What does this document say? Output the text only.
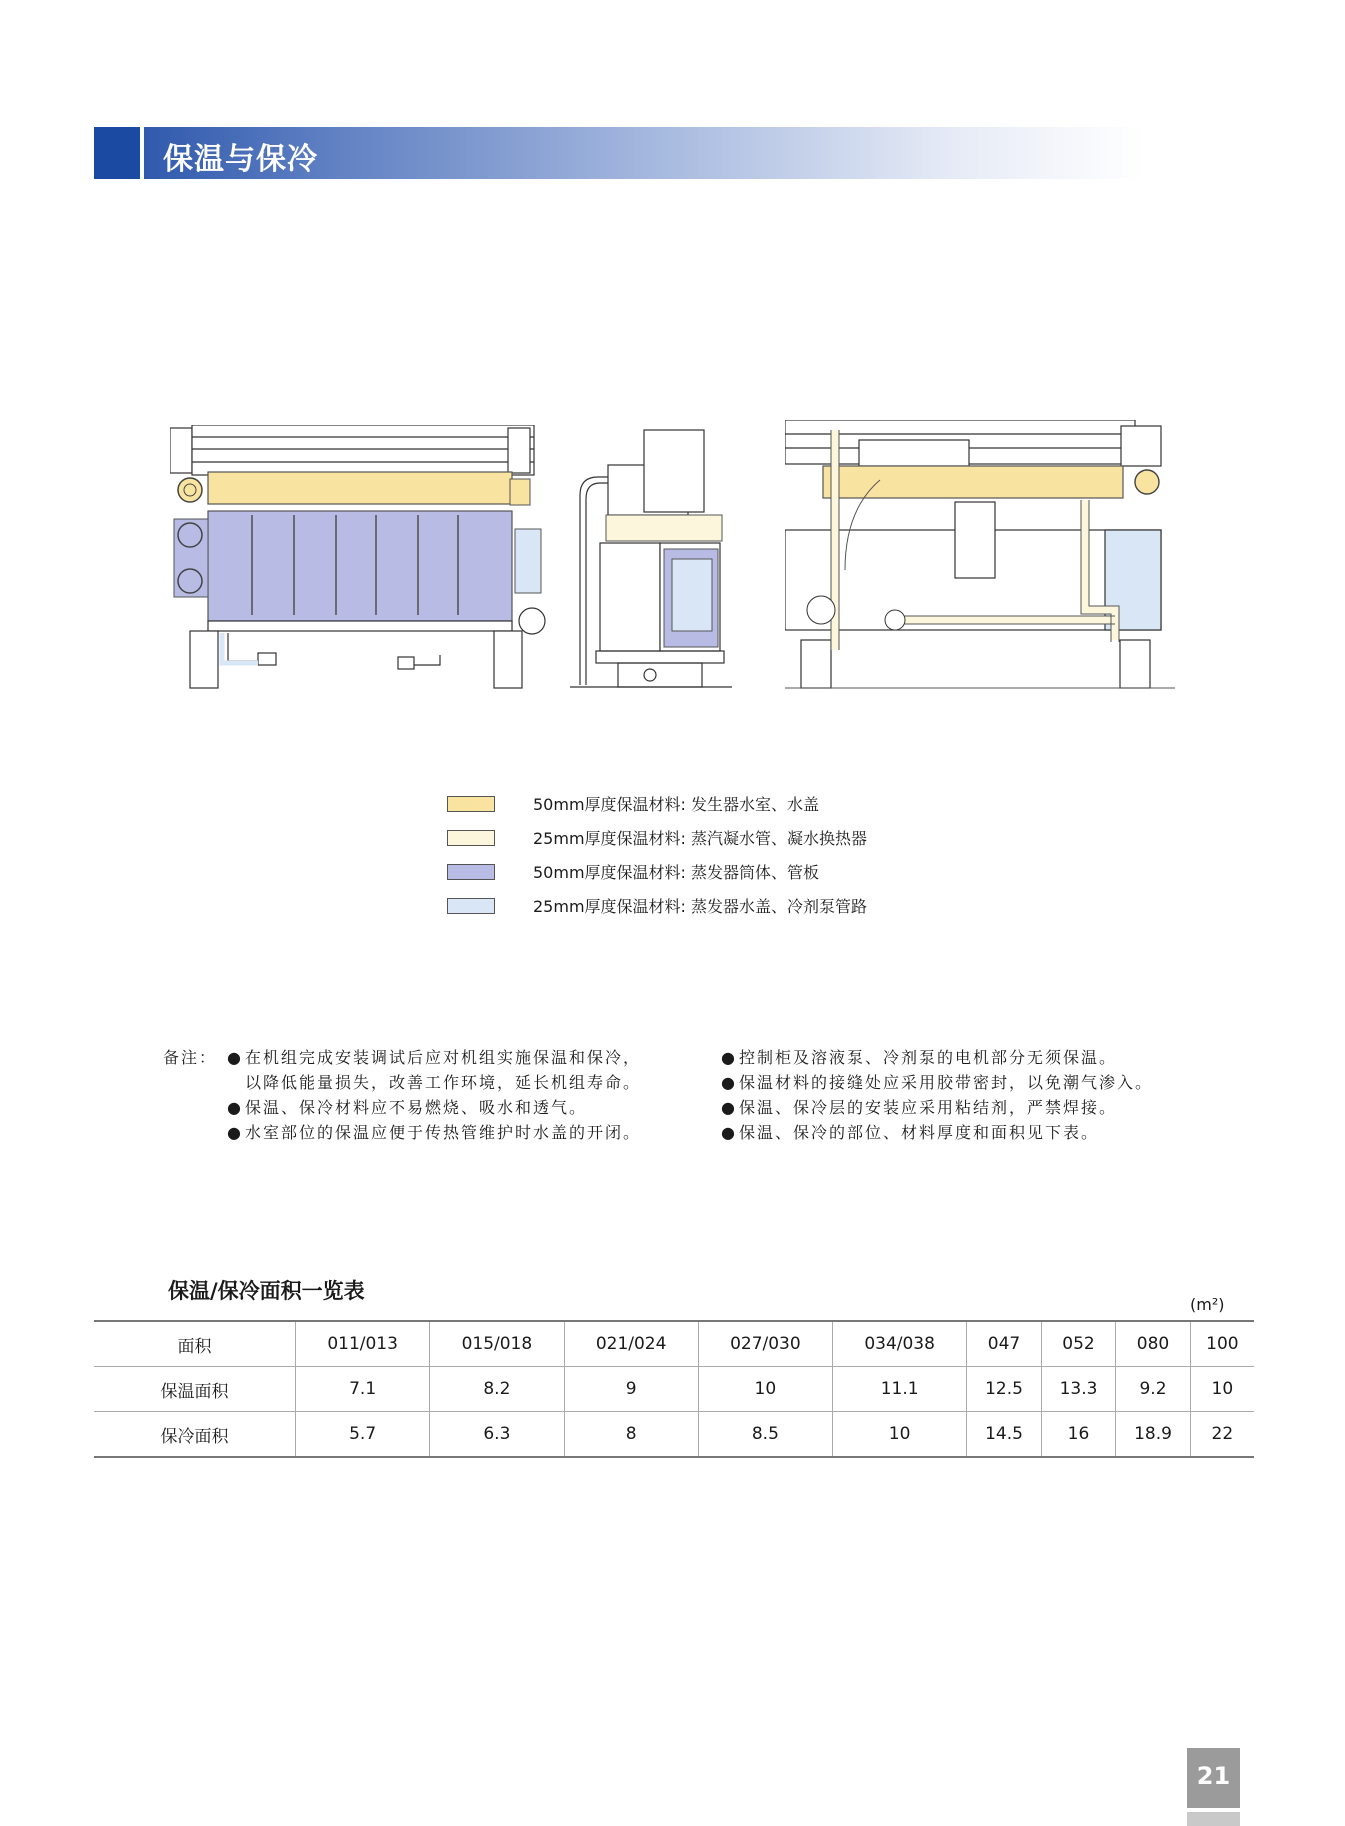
保温与保冷
50mm厚度保温材料: 发生器水室、水盖
25mm厚度保温材料: 蒸汽凝水管、凝水换热器
50mm厚度保温材料: 蒸发器筒体、管板
25mm厚度保温材料: 蒸发器水盖、冷剂泵管路
备注： ● 在机组完成安装调试后应对机组实施保温和保冷，
以降低能量损失，改善工作环境，延长机组寿命。
● 保温、保冷材料应不易燃烧、吸水和透气。
● 水室部位的保温应便于传热管维护时水盖的开闭。
● 控制柜及溶液泵、冷剂泵的电机部分无须保温。
● 保温材料的接缝处应采用胶带密封，以免潮气渗入。
● 保温、保冷层的安装应采用粘结剂，严禁焊接。
● 保温、保冷的部位、材料厚度和面积见下表。
保温/保冷面积一览表
(m²)
面积	011/013	015/018	021/024	027/030	034/038	047	052	080	100
保温面积	7.1	8.2	9	10	11.1	12.5	13.3	9.2	10
保冷面积	5.7	6.3	8	8.5	10	14.5	16	18.9	22
21
